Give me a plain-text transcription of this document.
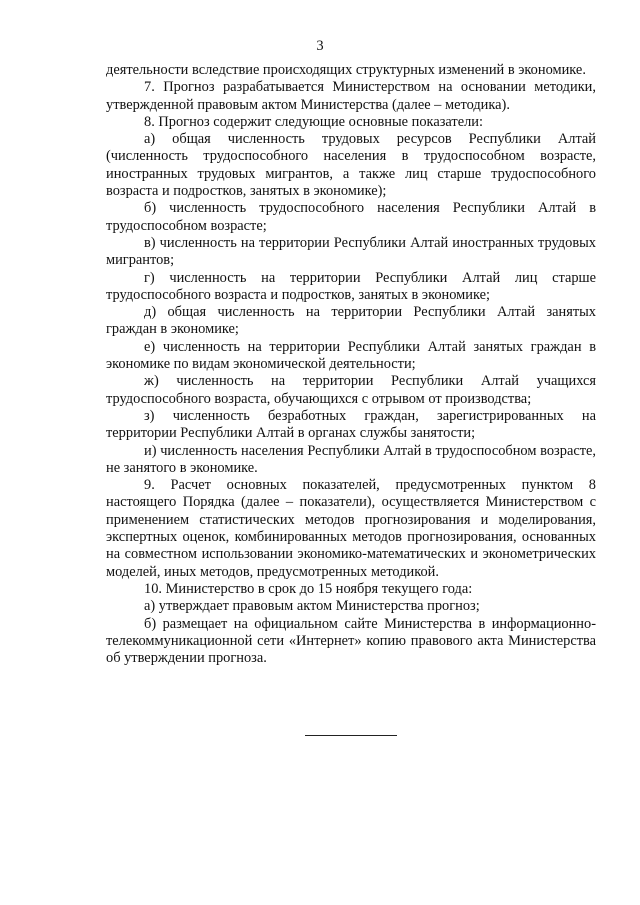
3

деятельности вследствие происходящих структурных изменений в экономике.

7. Прогноз разрабатывается Министерством на основании методики, утвержденной правовым актом Министерства (далее – методика).

8. Прогноз содержит следующие основные показатели:

а) общая численность трудовых ресурсов Республики Алтай (численность трудоспособного населения в трудоспособном возрасте, иностранных трудовых мигрантов, а также лиц старше трудоспособного возраста и подростков, занятых в экономике);

б) численность трудоспособного населения Республики Алтай в трудоспособном возрасте;

в) численность на территории Республики Алтай иностранных трудовых мигрантов;

г) численность на территории Республики Алтай лиц старше трудоспособного возраста и подростков, занятых в экономике;

д) общая численность на территории Республики Алтай занятых граждан в экономике;

е) численность на территории Республики Алтай занятых граждан в экономике по видам экономической деятельности;

ж) численность на территории Республики Алтай учащихся трудоспособного возраста, обучающихся с отрывом от производства;

з) численность безработных граждан, зарегистрированных на территории Республики Алтай в органах службы занятости;

и) численность населения Республики Алтай в трудоспособном возрасте, не занятого в экономике.

9. Расчет основных показателей, предусмотренных пунктом 8 настоящего Порядка (далее – показатели), осуществляется Министерством с применением статистических методов прогнозирования и моделирования, экспертных оценок, комбинированных методов прогнозирования, основанных на совместном использовании экономико-математических и эконометрических моделей, иных методов, предусмотренных методикой.

10. Министерство в срок до 15 ноября текущего года:

а) утверждает правовым актом Министерства прогноз;

б) размещает на официальном сайте Министерства в информационно-телекоммуникационной сети «Интернет» копию правового акта Министерства об утверждении прогноза.
